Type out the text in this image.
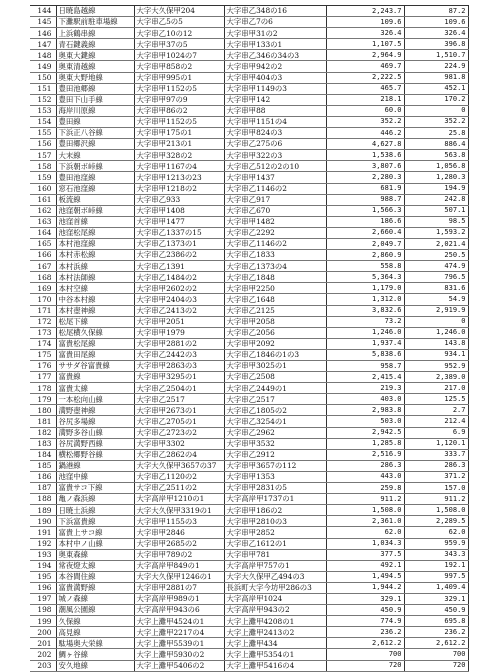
144	日暁島越線	大字大久保甲204	大字串乙348の16	2,243.7	87.2
145	下灘駅前駐車場線	大字串乙5の5	大字串乙7の6	109.6	109.6
146	上浜鶴串線	大字串乙10の12	大字串甲31の2	326.4	326.4
147	青石鍵義線	大字串甲37の5	大字串甲133の1	1,107.5	396.8
148	奥東大鍵線	大字串甲1024の7	大字串乙346の34の3	2,964.9	1,510.7
149	奥東清越線	大字串甲858の2	大字串甲942の2	469.7	224.9
150	奥東大野地線	大字串甲995の1	大字串甲404の3	2,222.5	981.8
151	豊田池郷線	大字串甲1152の5	大字串甲1149の3	465.7	452.1
152	豊田下山手線	大字串甲97の9	大字串甲142	218.1	170.2
153	海岸川原線	大字串甲86の2	大字串甲88	60.0	0
154	豊田線	大字串甲1152の5	大字串甲1151の4	352.2	352.2
155	下浜正八谷線	大字串甲175の1	大字串甲824の3	446.2	25.8
156	豊田郷沢線	大字串甲213の1	大字串乙275の6	4,627.8	886.4
157	大末線	大字串甲328の2	大字串甲322の3	1,538.6	563.8
158	下浜朝ボ峠線	大字串甲1167の4	大字串乙512の2の10	3,807.6	1,056.8
159	豊田池窪線	大字串甲1213の23	大字串甲1437	2,280.3	1,280.3
160	窓石池窪線	大字串甲1218の2	大字串乙1146の2	681.9	194.9
161	板流線	大字串乙933	大字串乙917	988.7	242.8
162	池窪朝ボ峠線	大字串甲1408	大字串乙670	1,566.3	507.1
163	池窪首線	大字串甲1477	大字串甲1482	186.6	98.5
164	池窪松尾線	大字串乙1337の15	大字串乙2292	2,660.4	1,593.2
165	本村池窪線	大字串乙1373の1	大字串乙1146の2	2,049.7	2,021.4
166	本村赤松線	大字串乙2386の2	大字串乙1833	2,860.9	250.5
167	本村浜線	大字串乙1391	大字串乙1373の4	558.8	474.9
168	本村法師線	大字串乙1484の2	大字串乙1848	5,364.3	796.5
169	本村空線	大字串甲2602の2	大字串甲2250	1,179.0	831.6
170	中谷本村線	大字串甲2404の3	大字串乙1648	1,312.0	54.9
171	本村壺神線	大字串乙2413の2	大字串乙2125	3,832.6	2,919.9
172	松尾下線	大字串甲2051	大字串甲2058	73.2	0
173	松尾横久保線	大字串甲1979	大字串乙2056	1,246.0	1,246.0
174	富貴松尾線	大字串甲2881の2	大字串甲2092	1,937.4	143.8
175	富貴田尾線	大字串乙2442の3	大字串乙1846の1の3	5,838.6	934.1
176	ササダ谷富貴線	大字串甲2863の3	大字串甲3025の1	958.7	952.9
177	富貴線	大字串甲3295の1	大字串乙2508	2,415.4	2,389.0
178	富貴太線	大字串乙2504の1	大字串乙2449の1	219.3	217.0
179	一本松向山線	大字串乙2517	大字串乙2517	403.0	125.5
180	満野壺神線	大字串甲2673の1	大字串乙1805の2	2,983.8	2.7
181	谷尻多場線	大字串乙2705の1	大字串乙3254の1	503.0	212.4
182	満野多谷山線	大字串乙2723の2	大字串乙2962	2,942.5	6.9
183	谷尻満野西線	大字串甲3302	大字串甲3532	1,285.8	1,120.1
184	横松郷野谷線	大字串乙2862の4	大字串乙2912	2,516.9	333.7
185	鍋港線	大字大久保甲3657の37	大字串甲3657の112	286.3	286.3
186	池窪中線	大字串乙1120の2	大字串甲1353	443.0	371.2
187	富貴サコ下線	大字串乙2511の2	大字串甲2831の5	259.8	157.0
188	亀ノ森浜線	大字高岸甲1210の1	大字高岸甲1737の1	911.2	911.2
189	日暁土浜線	大字大久保甲3319の1	大字串甲186の2	1,508.0	1,508.0
190	下浜富貴線	大字串甲1155の3	大字串甲2810の3	2,361.0	2,289.5
191	富貴上サコ線	大字串甲2846	大字串甲2852	62.0	62.0
192	本村中ノ山線	大字串甲2685の2	大字串乙1612の1	1,034.3	959.9
193	奥東森線	大字串甲789の2	大字串甲781	377.5	343.3
194	常夜燈太線	大字高岸甲849の1	大字高岸甲757の1	492.1	192.1
195	本谷間住線	大字大久保甲1246の1	大字大久保甲乙494の3	1,494.5	997.5
196	富貴満野線	大字串甲2881の7	長浜町大字今坊甲286の3	1,944.2	1,409.4
197	城ノ森線	大字高岸甲989の1	大字高岸甲1024	329.1	329.1
198	潮風公園線	大字高岸甲943の6	大字高岸甲943の2	450.9	450.9
199	久保線	大字上灘甲4524の1	大字上灘甲4208の1	774.9	695.8
200	高見線	大字上灘甲2217の4	大字上灘甲2413の2	236.2	236.2
201	駄場奥大栄線	大字上灘甲5539の1	大字上灘甲434	2,612.2	2,612.2
202	鯛ヶ谷線	大字上灘甲5930の2	大字上灘甲5354の1	700	700
203	安久地線	大字上灘甲5406の2	大字上灘甲5416の4	720	720
